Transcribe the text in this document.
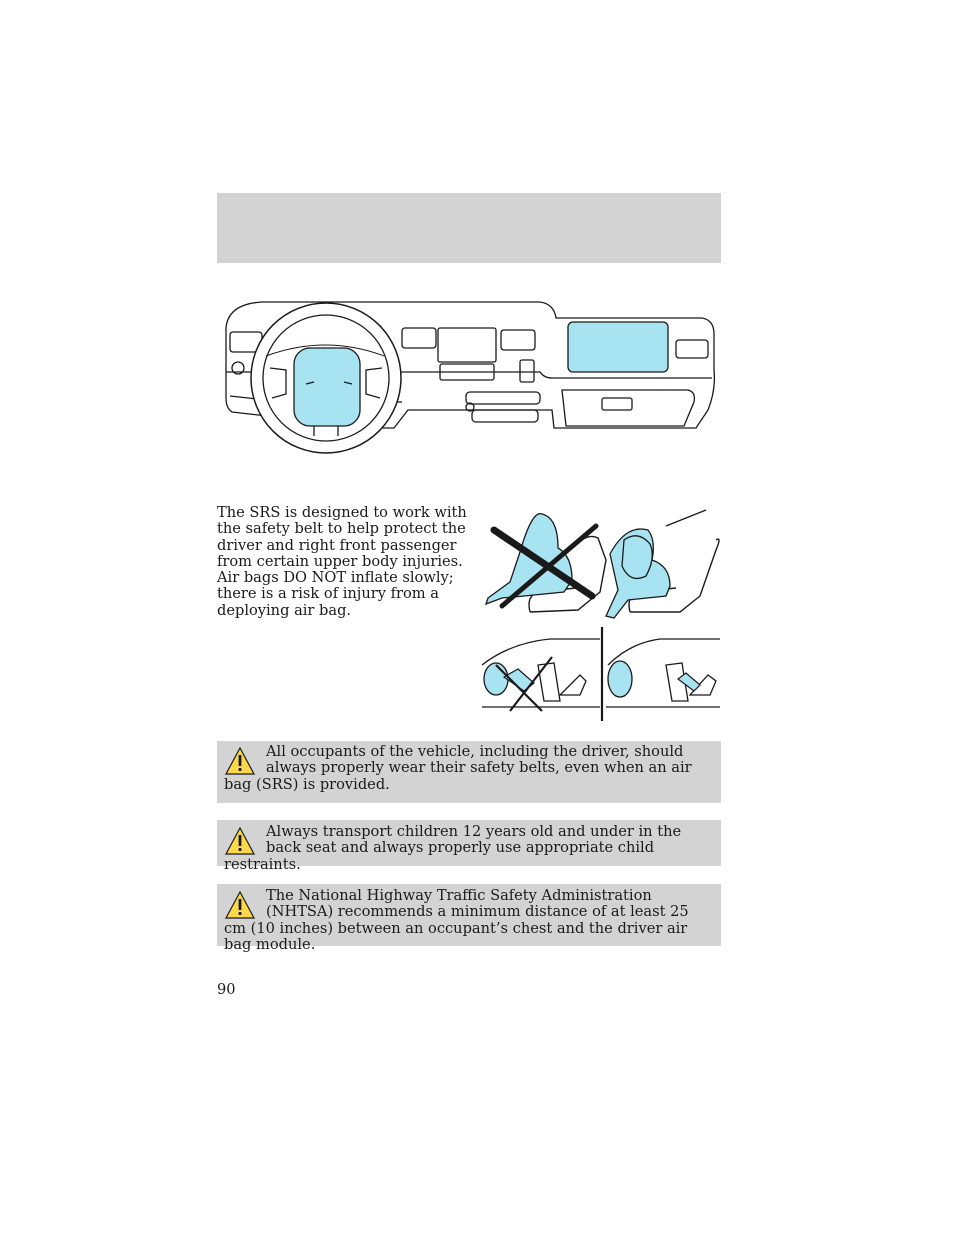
The SRS is designed to work with the safety belt to help protect the driver and right front passenger from certain upper body injuries. Air bags DO NOT inflate slowly; there is a risk of injury from a deploying air bag.

All occupants of the vehicle, including the driver, should always properly wear their safety belts, even when an air bag (SRS) is provided.

Always transport children 12 years old and under in the back seat and always properly use appropriate child restraints.

The National Highway Traffic Safety Administration (NHTSA) recommends a minimum distance of at least 25 cm (10 inches) between an occupant’s chest and the driver air bag module.

90
